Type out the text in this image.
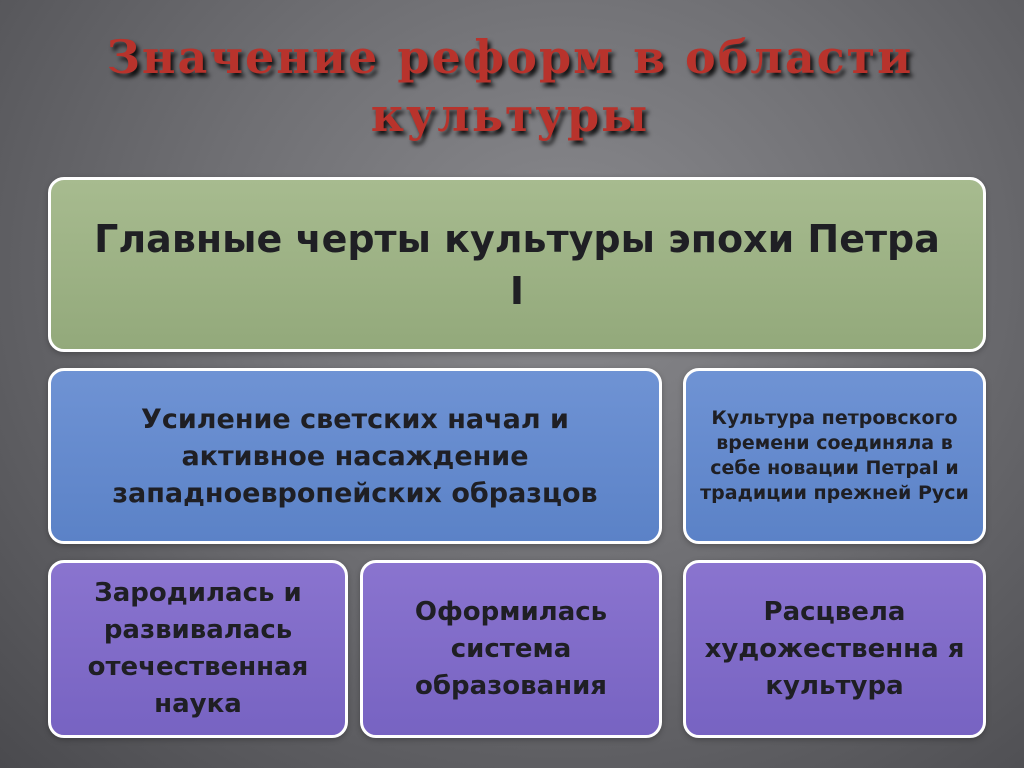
Значение реформ в области культуры
Главные черты культуры эпохи Петра I
Усиление светских начал и активное насаждение западноевропейских образцов
Культура петровского времени соединяла в себе новации ПетраI и традиции прежней Руси
Зародилась и развивалась отечественная наука
Оформилась система образования
Расцвела художественна я культура
